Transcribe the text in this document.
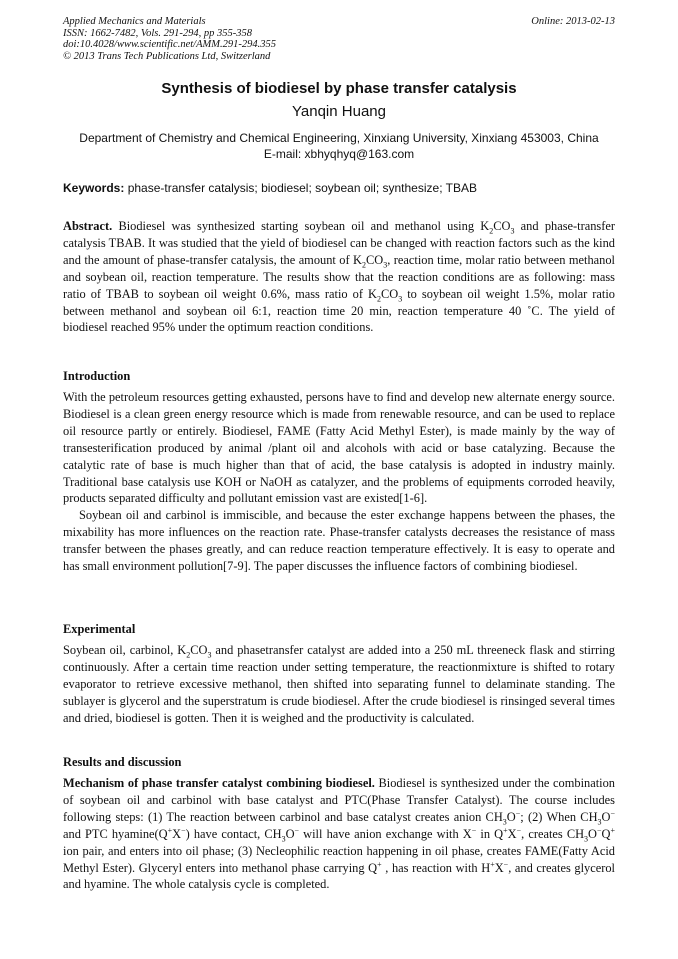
Applied Mechanics and Materials
ISSN: 1662-7482, Vols. 291-294, pp 355-358
doi:10.4028/www.scientific.net/AMM.291-294.355
© 2013 Trans Tech Publications Ltd, Switzerland
Online: 2013-02-13
Synthesis of biodiesel by phase transfer catalysis
Yanqin Huang
Department of Chemistry and Chemical Engineering, Xinxiang University, Xinxiang 453003, China
E-mail: xbhyqhyq@163.com
Keywords: phase-transfer catalysis; biodiesel; soybean oil; synthesize; TBAB
Abstract. Biodiesel was synthesized starting soybean oil and methanol using $K_2CO_3$ and phase-transfer catalysis TBAB. It was studied that the yield of biodiesel can be changed with reaction factors such as the kind and the amount of phase-transfer catalysis, the amount of $K_2CO_3$, reaction time, molar ratio between methanol and soybean oil, reaction temperature. The results show that the reaction conditions are as following: mass ratio of TBAB to soybean oil weight 0.6%, mass ratio of $K_2CO_3$ to soybean oil weight 1.5%, molar ratio between methanol and soybean oil 6:1, reaction time 20 min, reaction temperature 40 ˚C. The yield of biodiesel reached 95% under the optimum reaction conditions.
Introduction
With the petroleum resources getting exhausted, persons have to find and develop new alternate energy source. Biodiesel is a clean green energy resource which is made from renewable resource, and can be used to replace oil resource partly or entirely. Biodiesel, FAME (Fatty Acid Methyl Ester), is made mainly by the way of transesterification produced by animal /plant oil and alcohols with acid or base catalyzing. Because the catalytic rate of base is much higher than that of acid, the base catalysis is adopted in industry mainly. Traditional base catalysis use KOH or NaOH as catalyzer, and the problems of equipments corroded heavily, products separated difficulty and pollutant emission vast are existed[1-6].
Soybean oil and carbinol is immiscible, and because the ester exchange happens between the phases, the mixability has more influences on the reaction rate. Phase-transfer catalysts decreases the resistance of mass transfer between the phases greatly, and can reduce reaction temperature effectively. It is easy to operate and has small environment pollution[7-9]. The paper discusses the influence factors of combining biodiesel.
Experimental
Soybean oil, carbinol, $K_2CO_3$ and phasetransfer catalyst are added into a 250 mL threeneck flask and stirring continuously. After a certain time reaction under setting temperature, the reactionmixture is shifted to rotary evaporator to retrieve excessive methanol, then shifted into separating funnel to delaminate standing. The sublayer is glycerol and the superstratum is crude biodiesel. After the crude biodiesel is rinsinged several times and dried, biodiesel is gotten. Then it is weighed and the productivity is calculated.
Results and discussion
Mechanism of phase transfer catalyst combining biodiesel. Biodiesel is synthesized under the combination of soybean oil and carbinol with base catalyst and PTC(Phase Transfer Catalyst). The course includes following steps: (1) The reaction between carbinol and base catalyst creates anion $CH_3O^-$; (2) When $CH_3O^-$ and PTC hyamine(Q+X−) have contact, $CH_3O^-$ will have anion exchange with X− in Q+X−, creates $CH_3O^-Q^+$ ion pair, and enters into oil phase; (3) Necleophilic reaction happening in oil phase, creates FAME(Fatty Acid Methyl Ester). Glyceryl enters into methanol phase carrying Q+ , has reaction with H+X−, and creates glycerol and hyamine. The whole catalysis cycle is completed.
